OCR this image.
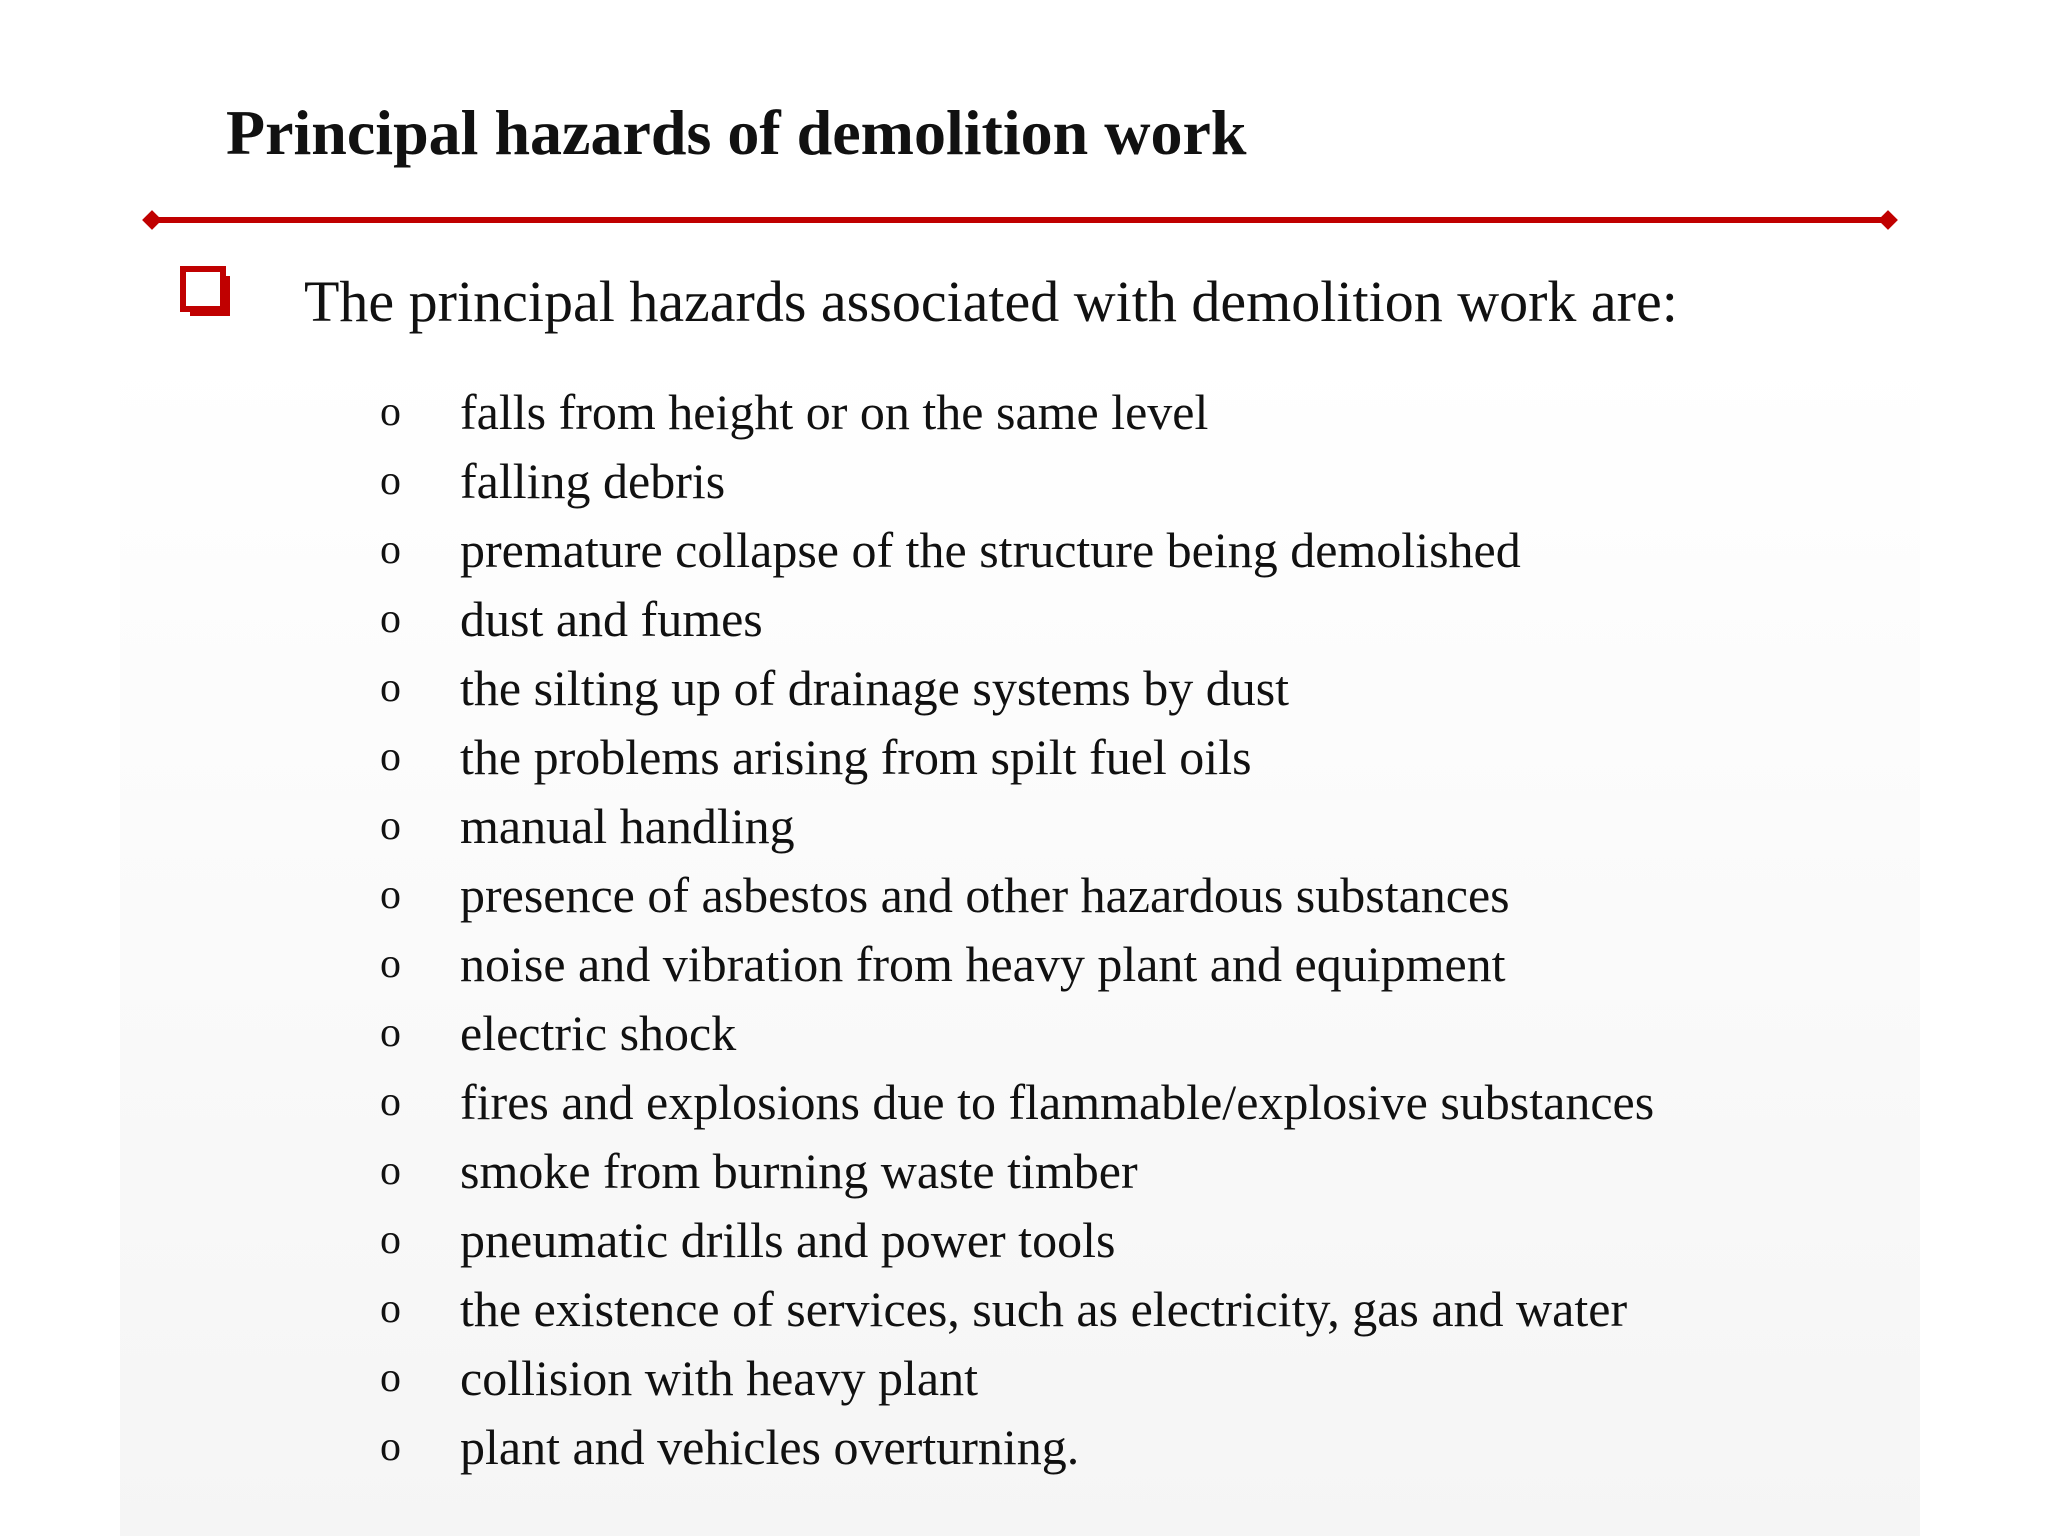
Principal hazards of demolition work
The principal hazards associated with demolition work are:
o	falls from height or on the same level
o	falling debris
o	premature collapse of the structure being demolished
o	dust and fumes
o	the silting up of drainage systems by dust
o	the problems arising from spilt fuel oils
o	manual handling
o	presence of asbestos and other hazardous substances
o	noise and vibration from heavy plant and equipment
o	electric shock
o	fires and explosions due to flammable/explosive substances
o	smoke from burning waste timber
o	pneumatic drills and power tools
o	the existence of services, such as electricity, gas and water
o	collision with heavy plant
o	plant and vehicles overturning.
